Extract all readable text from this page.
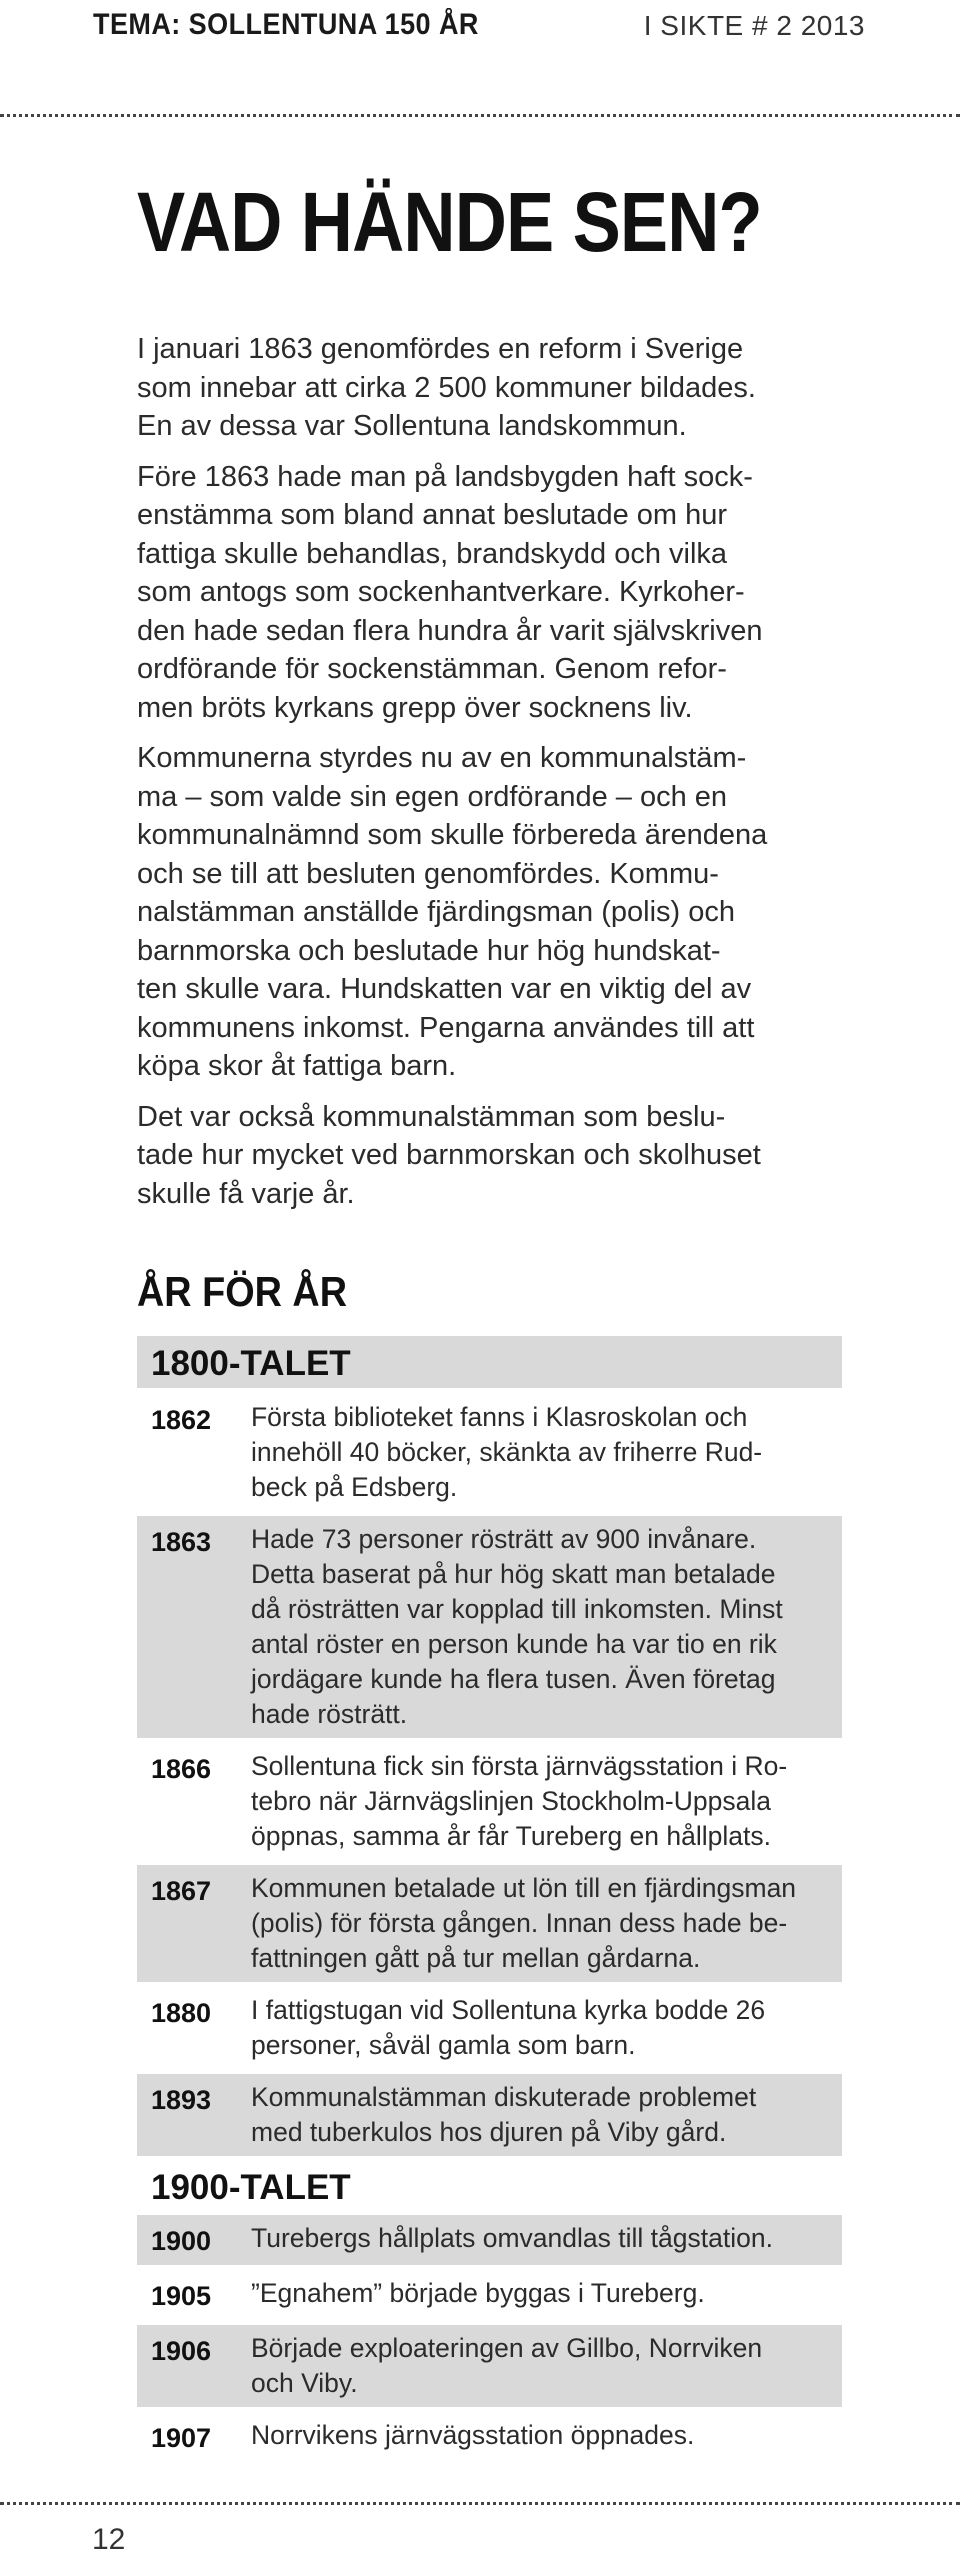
TEMA: SOLLENTUNA 150 ÅR	I SIKTE # 2 2013
VAD HÄNDE SEN?

I januari 1863 genomfördes en reform i Sverige
som innebar att cirka 2 500 kommuner bildades.
En av dessa var Sollentuna landskommun.

Före 1863 hade man på landsbygden haft sock-
enstämma som bland annat beslutade om hur
fattiga skulle behandlas, brandskydd och vilka
som antogs som sockenhantverkare. Kyrkoher-
den hade sedan flera hundra år varit självskriven
ordförande för sockenstämman. Genom refor-
men bröts kyrkans grepp över socknens liv.

Kommunerna styrdes nu av en kommunalstäm-
ma – som valde sin egen ordförande – och en
kommunalnämnd som skulle förbereda ärendena
och se till att besluten genomfördes. Kommu-
nalstämman anställde fjärdingsman (polis) och
barnmorska och beslutade hur hög hundskat-
ten skulle vara. Hundskatten var en viktig del av
kommunens inkomst. Pengarna användes till att
köpa skor åt fattiga barn.

Det var också kommunalstämman som beslu-
tade hur mycket ved barnmorskan och skolhuset
skulle få varje år.

ÅR FÖR ÅR
1800-TALET
1862	Första biblioteket fanns i Klasroskolan och
innehöll 40 böcker, skänkta av friherre Rud-
beck på Edsberg.
1863	Hade 73 personer rösträtt av 900 invånare.
Detta baserat på hur hög skatt man betalade
då rösträtten var kopplad till inkomsten. Minst
antal röster en person kunde ha var tio en rik
jordägare kunde ha flera tusen. Även företag
hade rösträtt.
1866	Sollentuna fick sin första järnvägsstation i Ro-
tebro när Järnvägslinjen Stockholm-Uppsala
öppnas, samma år får Tureberg en hållplats.
1867	Kommunen betalade ut lön till en fjärdingsman
(polis) för första gången. Innan dess hade be-
fattningen gått på tur mellan gårdarna.
1880	I fattigstugan vid Sollentuna kyrka bodde 26
personer, såväl gamla som barn.
1893	Kommunalstämman diskuterade problemet
med tuberkulos hos djuren på Viby gård.
1900-TALET
1900	Turebergs hållplats omvandlas till tågstation.
1905	”Egnahem” började byggas i Tureberg.
1906	Började exploateringen av Gillbo, Norrviken
och Viby.
1907	Norrvikens järnvägsstation öppnades.
12
